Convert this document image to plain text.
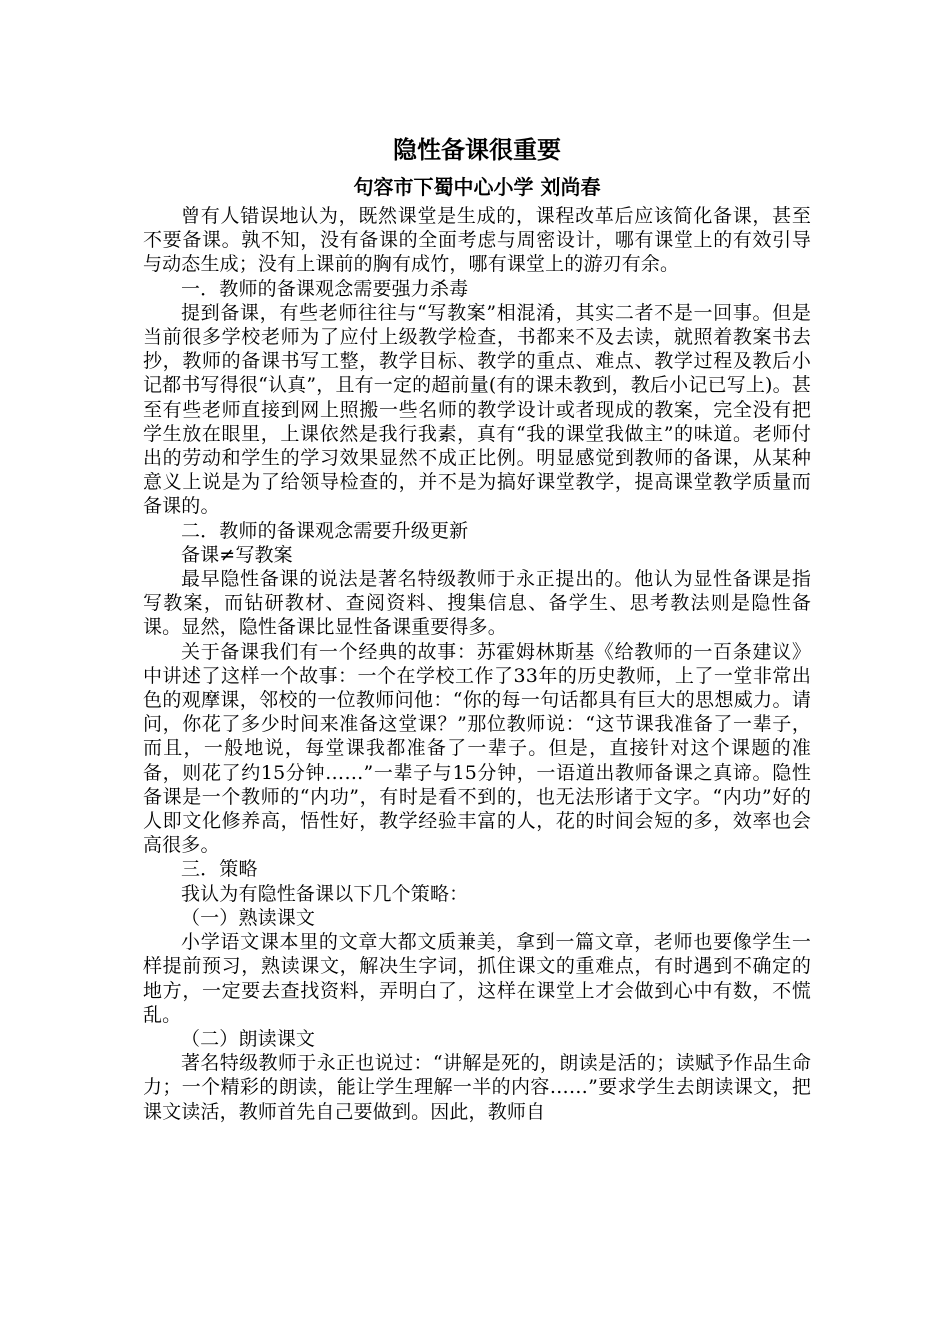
隐性备课很重要
句容市下蜀中心小学 刘尚春

曾有人错误地认为，既然课堂是生成的，课程改革后应该简化备课，甚至不要备课。孰不知，没有备课的全面考虑与周密设计，哪有课堂上的有效引导与动态生成；没有上课前的胸有成竹，哪有课堂上的游刃有余。

一．教师的备课观念需要强力杀毒

提到备课，有些老师往往与“写教案”相混淆，其实二者不是一回事。但是当前很多学校老师为了应付上级教学检查，书都来不及去读，就照着教案书去抄，教师的备课书写工整，教学目标、教学的重点、难点、教学过程及教后小记都书写得很“认真”，且有一定的超前量(有的课未教到，教后小记已写上)。甚至有些老师直接到网上照搬一些名师的教学设计或者现成的教案，完全没有把学生放在眼里，上课依然是我行我素，真有“我的课堂我做主”的味道。老师付出的劳动和学生的学习效果显然不成正比例。明显感觉到教师的备课，从某种意义上说是为了给领导检查的，并不是为搞好课堂教学，提高课堂教学质量而备课的。

二．教师的备课观念需要升级更新

备课≠写教案

最早隐性备课的说法是著名特级教师于永正提出的。他认为显性备课是指写教案，而钻研教材、查阅资料、搜集信息、备学生、思考教法则是隐性备课。显然，隐性备课比显性备课重要得多。

关于备课我们有一个经典的故事：苏霍姆林斯基《给教师的一百条建议》中讲述了这样一个故事：一个在学校工作了33年的历史教师，上了一堂非常出色的观摩课，邻校的一位教师问他：“你的每一句话都具有巨大的思想威力。请问，你花了多少时间来准备这堂课？”那位教师说：“这节课我准备了一辈子，而且，一般地说，每堂课我都准备了一辈子。但是，直接针对这个课题的准备，则花了约15分钟……”一辈子与15分钟，一语道出教师备课之真谛。隐性备课是一个教师的“内功”，有时是看不到的，也无法形诸于文字。“内功”好的人即文化修养高，悟性好，教学经验丰富的人，花的时间会短的多，效率也会高很多。

三．策略

我认为有隐性备课以下几个策略：

（一）熟读课文

小学语文课本里的文章大都文质兼美，拿到一篇文章，老师也要像学生一样提前预习，熟读课文，解决生字词，抓住课文的重难点，有时遇到不确定的地方，一定要去查找资料，弄明白了，这样在课堂上才会做到心中有数，不慌乱。

（二）朗读课文

著名特级教师于永正也说过：“讲解是死的，朗读是活的；读赋予作品生命力；一个精彩的朗读，能让学生理解一半的内容……”要求学生去朗读课文，把课文读活，教师首先自己要做到。因此，教师自
